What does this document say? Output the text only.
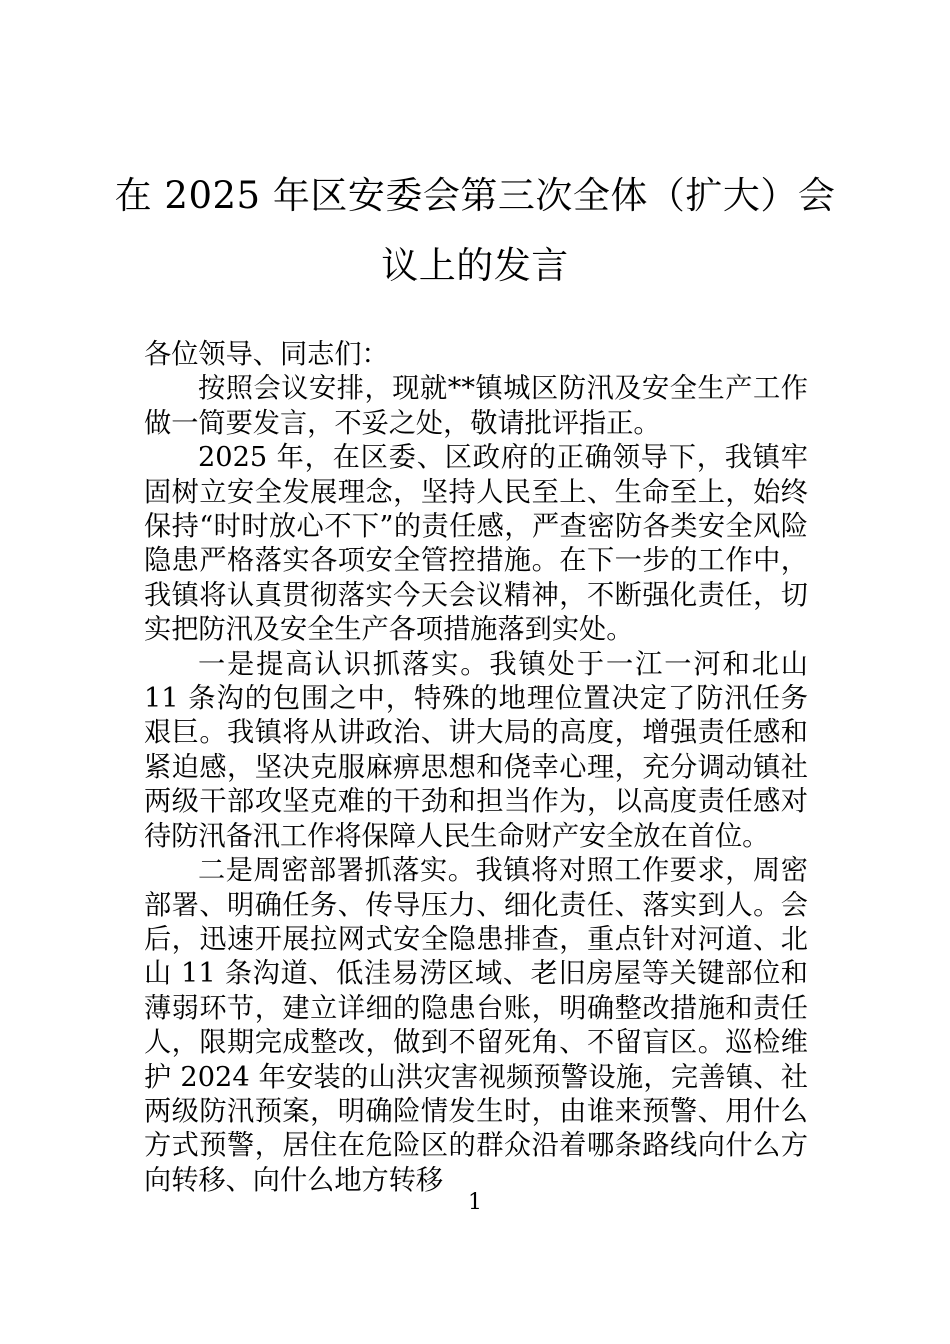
在 2025 年区安委会第三次全体（扩大）会
议上的发言

各位领导、同志们：

按照会议安排，现就**镇城区防汛及安全生产工作做一简要发言，不妥之处，敬请批评指正。

2025 年，在区委、区政府的正确领导下，我镇牢固树立安全发展理念，坚持人民至上、生命至上，始终保持“时时放心不下”的责任感，严查密防各类安全风险隐患严格落实各项安全管控措施。在下一步的工作中，我镇将认真贯彻落实今天会议精神，不断强化责任，切实把防汛及安全生产各项措施落到实处。

一是提高认识抓落实。我镇处于一江一河和北山 11 条沟的包围之中，特殊的地理位置决定了防汛任务艰巨。我镇将从讲政治、讲大局的高度，增强责任感和紧迫感，坚决克服麻痹思想和侥幸心理，充分调动镇社两级干部攻坚克难的干劲和担当作为，以高度责任感对待防汛备汛工作将保障人民生命财产安全放在首位。

二是周密部署抓落实。我镇将对照工作要求，周密部署、明确任务、传导压力、细化责任、落实到人。会后，迅速开展拉网式安全隐患排查，重点针对河道、北山 11 条沟道、低洼易涝区域、老旧房屋等关键部位和薄弱环节，建立详细的隐患台账，明确整改措施和责任人，限期完成整改，做到不留死角、不留盲区。巡检维护 2024 年安装的山洪灾害视频预警设施，完善镇、社两级防汛预案，明确险情发生时，由谁来预警、用什么方式预警，居住在危险区的群众沿着哪条路线向什么方向转移、向什么地方转移

1
